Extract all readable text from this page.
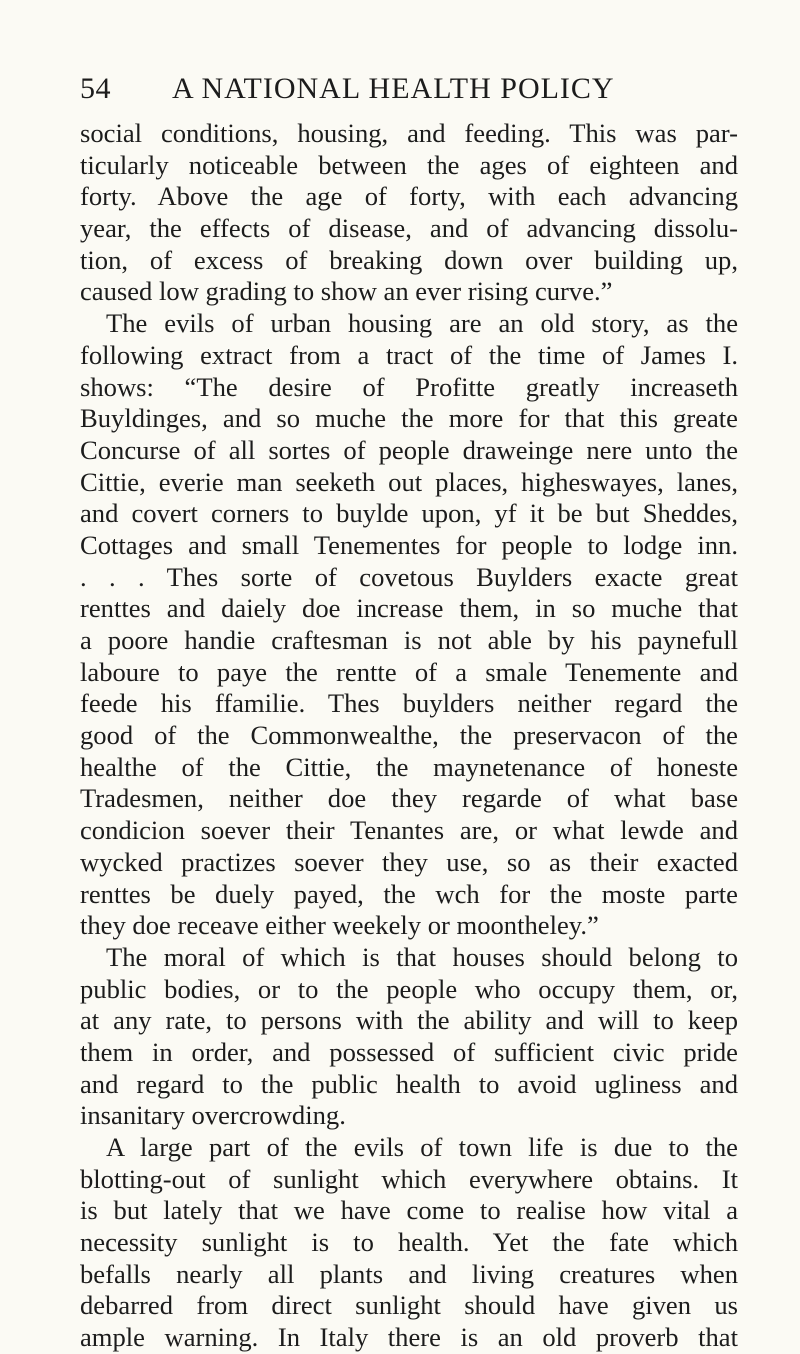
54 A NATIONAL HEALTH POLICY
social conditions, housing, and feeding. This was par-
ticularly noticeable between the ages of eighteen and
forty. Above the age of forty, with each advancing
year, the effects of disease, and of advancing dissolu-
tion, of excess of breaking down over building up,
caused low grading to show an ever rising curve.”
The evils of urban housing are an old story, as the
following extract from a tract of the time of James I.
shows: “The desire of Profitte greatly increaseth
Buyldinges, and so muche the more for that this greate
Concurse of all sortes of people draweinge nere unto the
Cittie, everie man seeketh out places, higheswayes, lanes,
and covert corners to buylde upon, yf it be but Sheddes,
Cottages and small Tenementes for people to lodge inn.
. . . Thes sorte of covetous Buylders exacte great
renttes and daiely doe increase them, in so muche that
a poore handie craftesman is not able by his paynefull
laboure to paye the rentte of a smale Tenemente and
feede his ffamilie. Thes buylders neither regard the
good of the Commonwealthe, the preservacon of the
healthe of the Cittie, the maynetenance of honeste
Tradesmen, neither doe they regarde of what base
condicion soever their Tenantes are, or what lewde and
wycked practizes soever they use, so as their exacted
renttes be duely payed, the wch for the moste parte
they doe receave either weekely or moontheley.”
The moral of which is that houses should belong to
public bodies, or to the people who occupy them, or,
at any rate, to persons with the ability and will to keep
them in order, and possessed of sufficient civic pride
and regard to the public health to avoid ugliness and
insanitary overcrowding.
A large part of the evils of town life is due to the
blotting-out of sunlight which everywhere obtains. It
is but lately that we have come to realise how vital a
necessity sunlight is to health. Yet the fate which
befalls nearly all plants and living creatures when
debarred from direct sunlight should have given us
ample warning. In Italy there is an old proverb that
